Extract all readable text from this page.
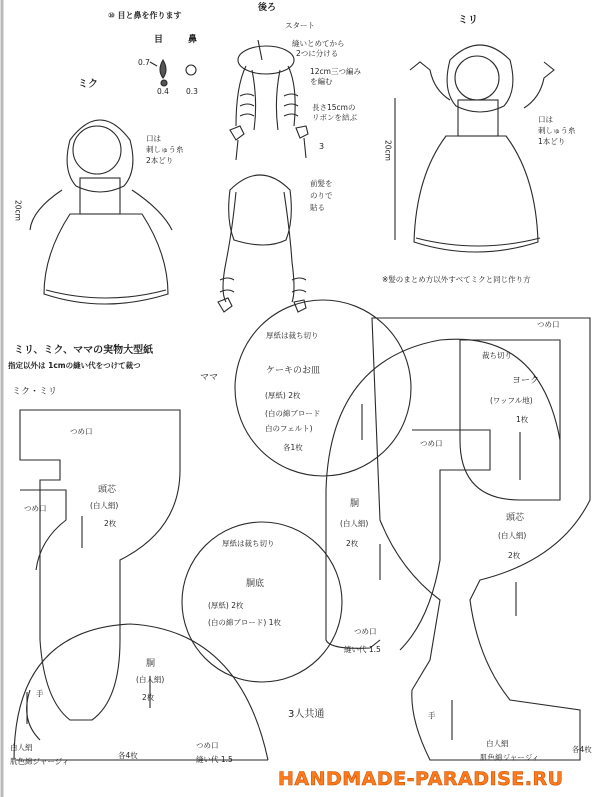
⑩ 目と鼻を作ります
目	鼻
0.7
0.4 0.3
後ろ
スタート
縫いとめてから
2つに分ける
12cm三つ編み
を編む
長さ15cmの
リボンを結ぶ
3
前髪を
のりで
貼る
ミク
口は
刺しゅう糸
2本どり
20cm
ミリ
口は
刺しゅう糸
1本どり
20cm
※髪のまとめ方以外すべてミクと同じ作り方
ミリ、ミク、ママの実物大型紙
指定以外は 1cmの縫い代をつけて裁つ
ミク・ミリ
ママ
厚紙は裁ち切り
ケーキのお皿
(厚紙) 2枚
(白の綿ブロード
白のフェルト)
各1枚
厚紙は裁ち切り
胴底
(厚紙) 2枚
(白の綿ブロード) 1枚
つめ口
つめ口
頭芯
(白人絹)
2枚
胴
(白人絹)
2枚
手
白人絹
肌色綿ジャージィ
各4枚
つめ口
縫い代 1.5
つめ口
裁ち切り
ヨーク
(ワッフル地)
1枚
つめ口
胴
(白人絹)
2枚
頭芯
(白人絹)
2枚
つめ口
縫い代 1.5
手
白人絹
肌色綿ジャージィ
各4枚
3人共通
HANDMADE-PARADISE.RU
